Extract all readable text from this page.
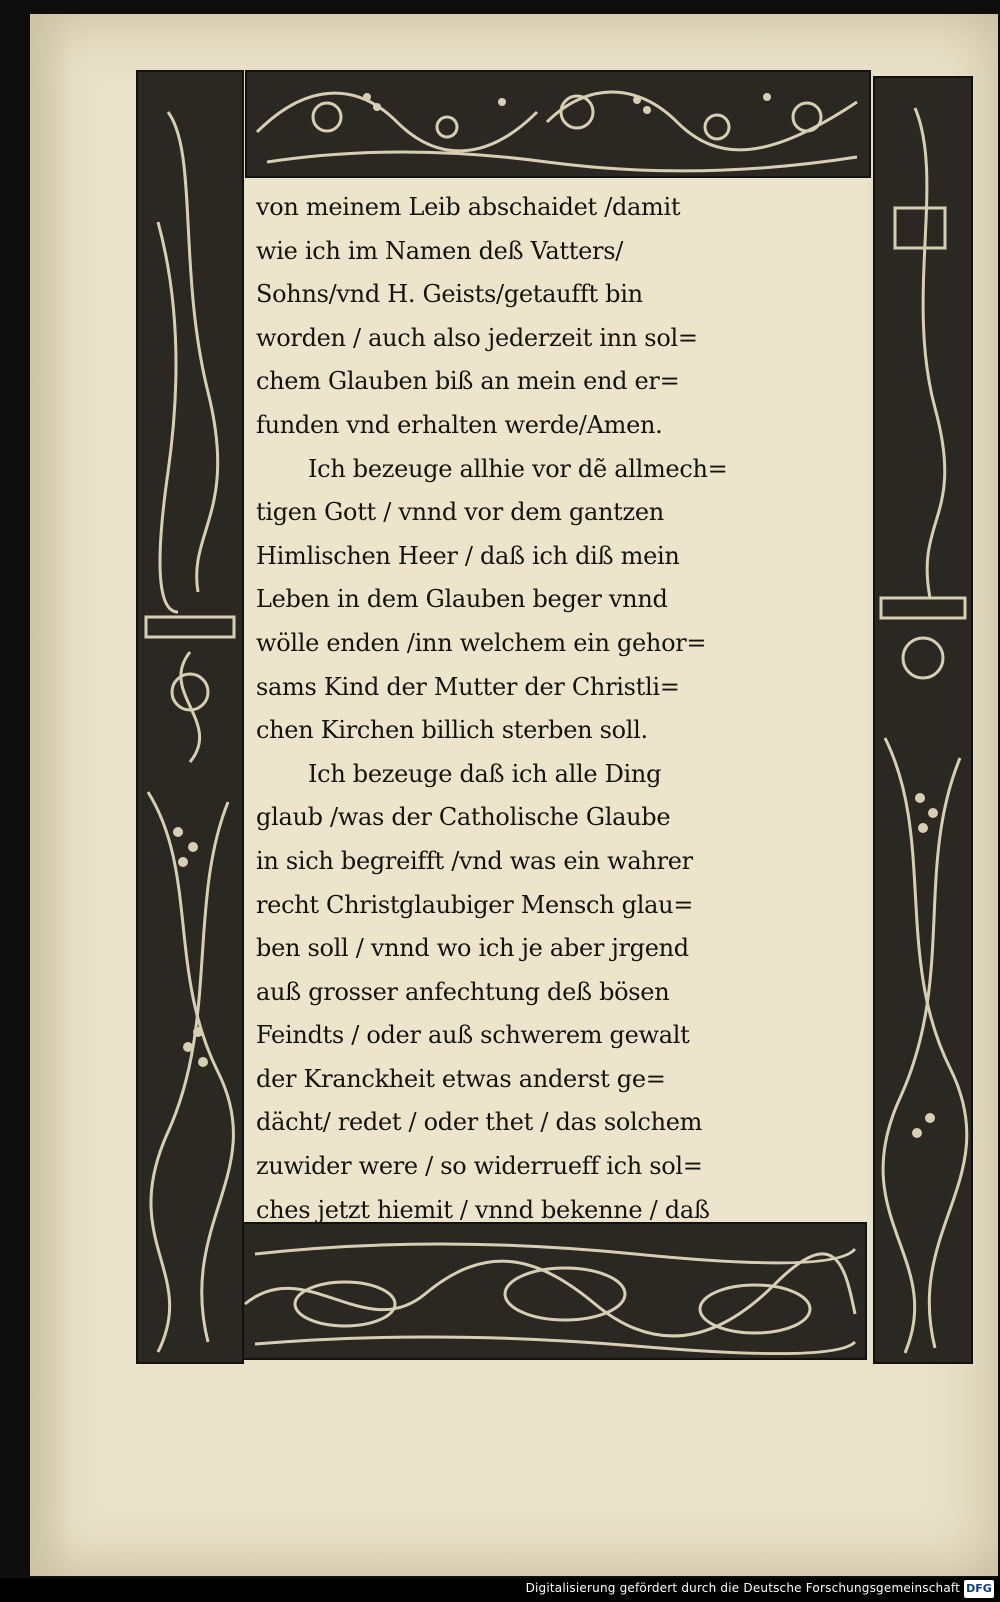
von meinem Leib abschaidet /damit
wie ich im Namen deß Vatters/
Sohns/vnd H. Geists/getaufft bin
worden / auch also jederzeit inn sol=
chem Glauben biß an mein end er=
funden vnd erhalten werde/Amen.
Ich bezeuge allhie vor dẽ allmech=
tigen Gott / vnnd vor dem gantzen
Himlischen Heer / daß ich diß mein
Leben in dem Glauben beger vnnd
wölle enden /inn welchem ein gehor=
sams Kind der Mutter der Christli=
chen Kirchen billich sterben soll.
Ich bezeuge daß ich alle Ding
glaub /was der Catholische Glaube
in sich begreifft /vnd was ein wahrer
recht Christglaubiger Mensch glau=
ben soll / vnnd wo ich je aber jrgend
auß grosser anfechtung deß bösen
Feindts / oder auß schwerem gewalt
der Kranckheit etwas anderst ge=
dächt/ redet / oder thet / das solchem
zuwider were / so widerrueff ich sol=
ches jetzt hiemit / vnnd bekenne / daß
Digitalisierung gefördert durch die Deutsche Forschungsgemeinschaft DFG
